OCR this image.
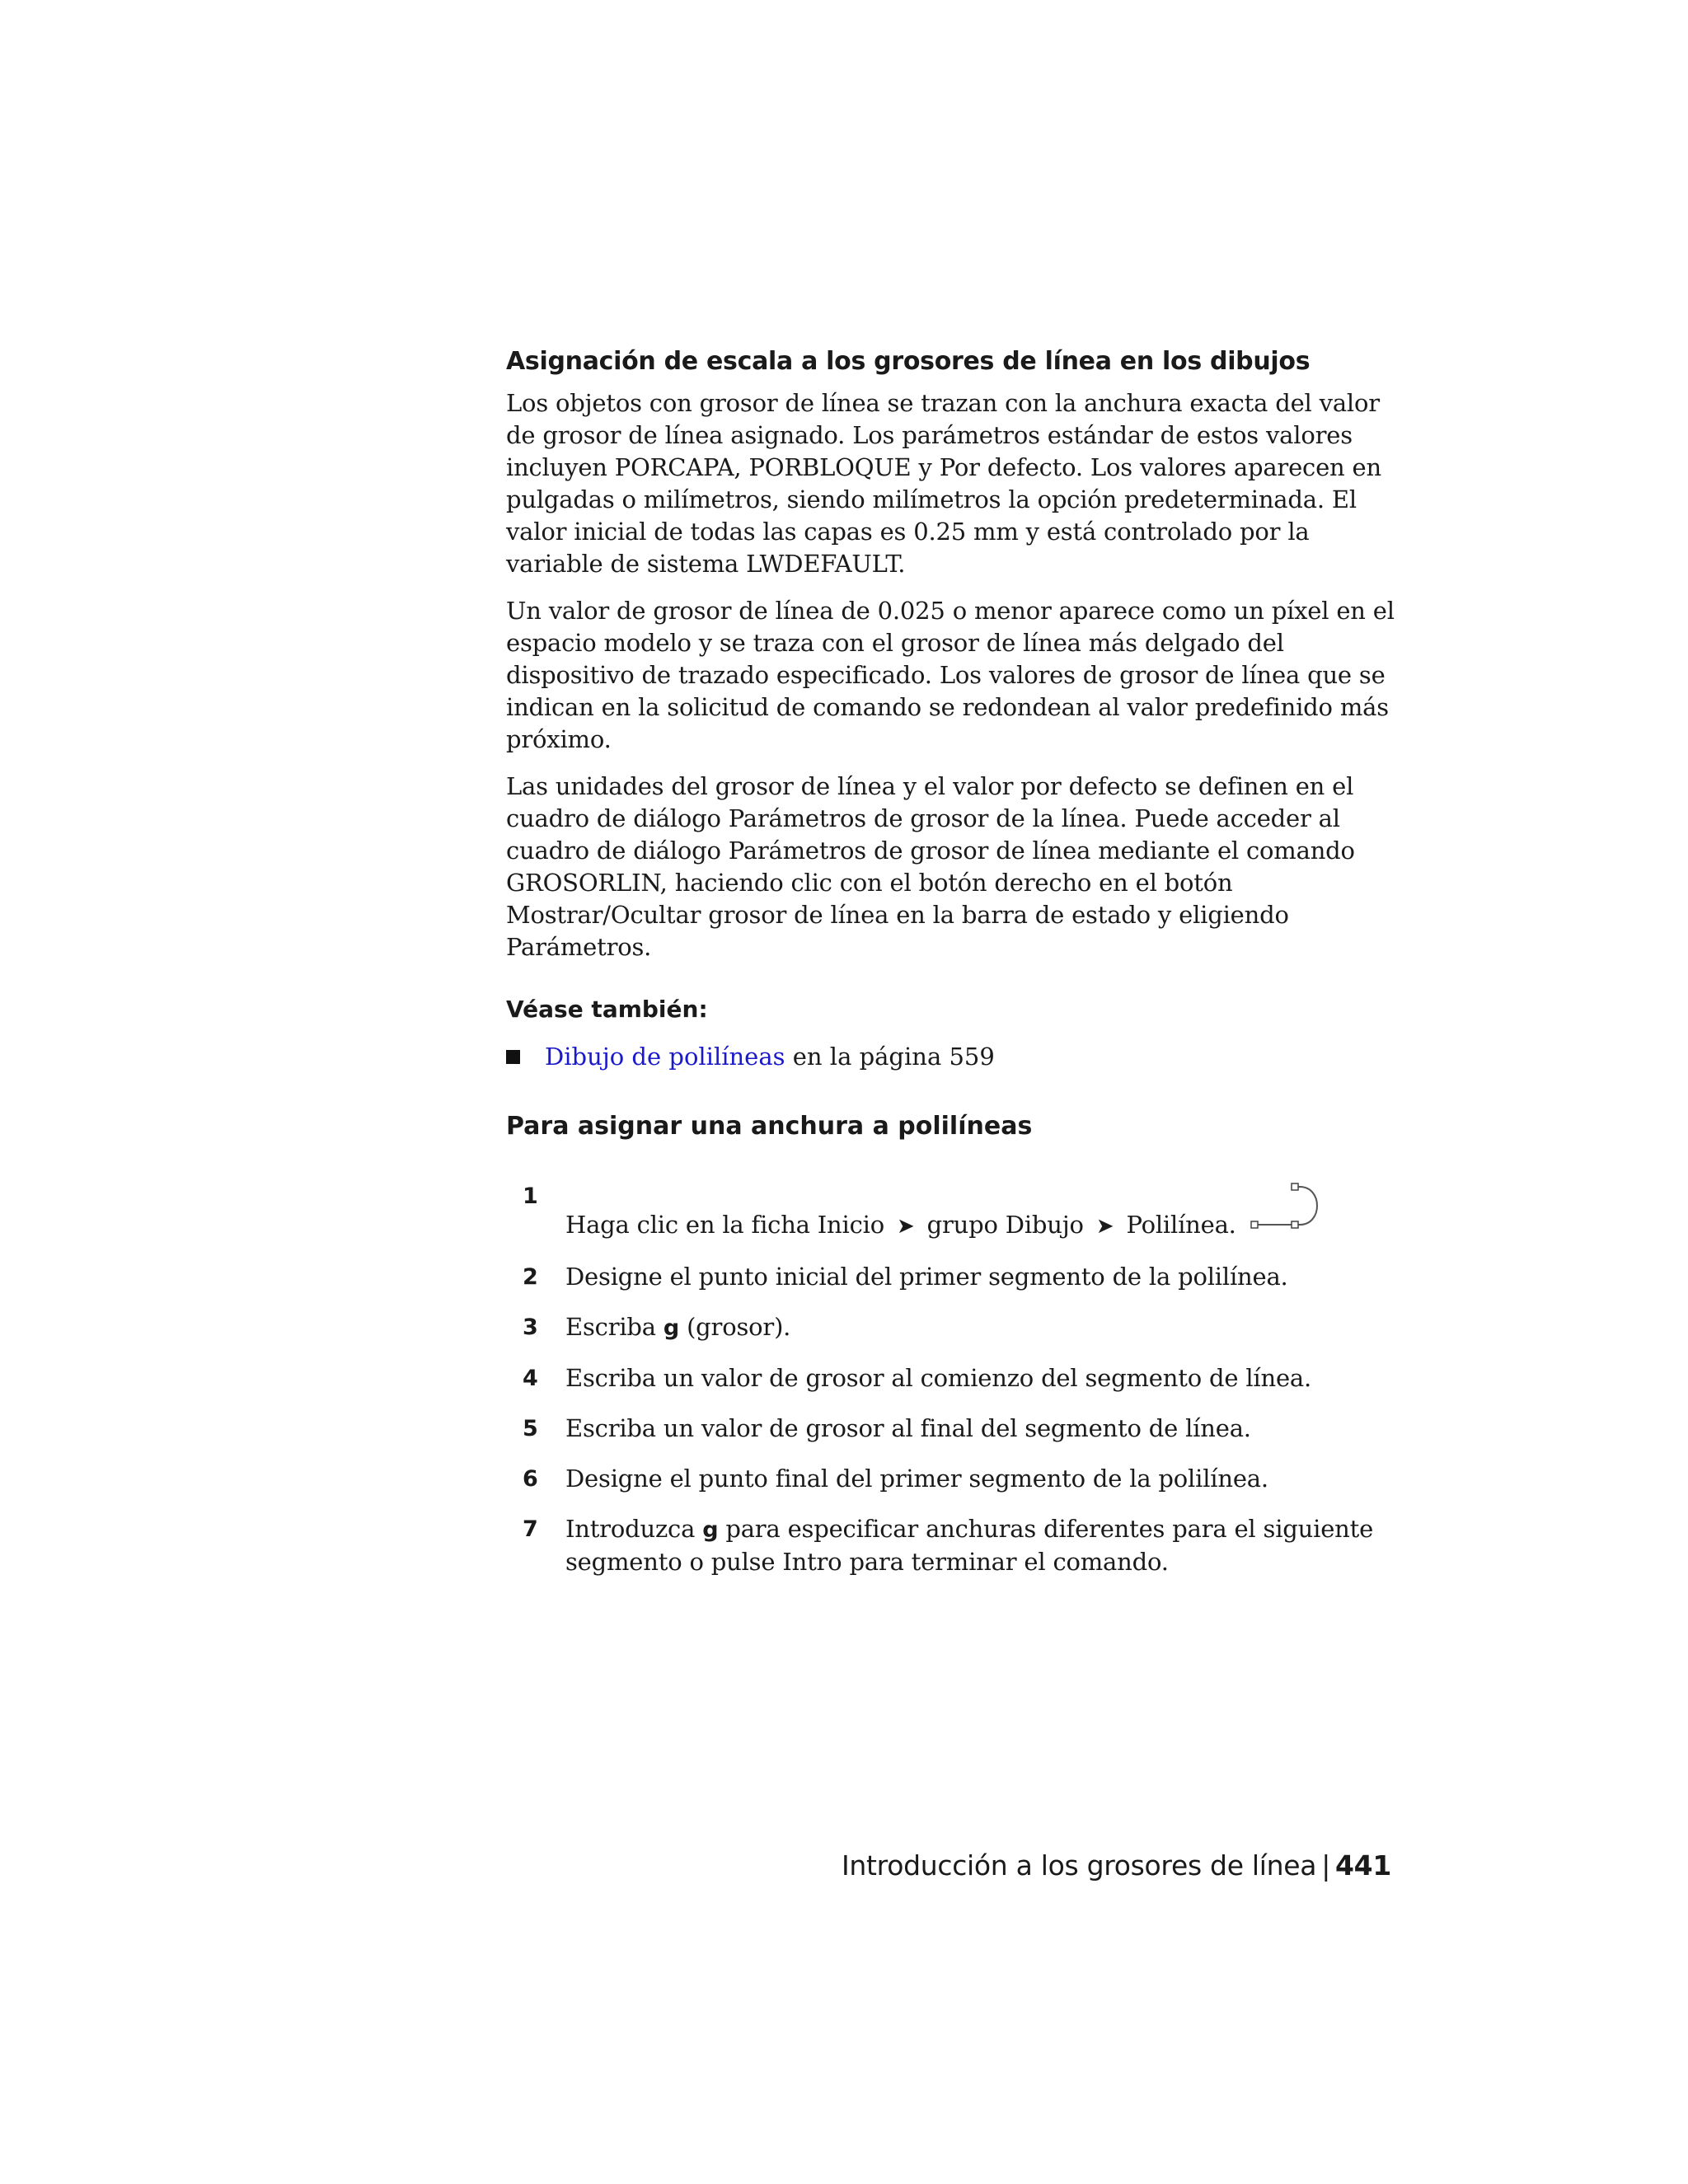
Asignación de escala a los grosores de línea en los dibujos

Los objetos con grosor de línea se trazan con la anchura exacta del valor de grosor de línea asignado. Los parámetros estándar de estos valores incluyen PORCAPA, PORBLOQUE y Por defecto. Los valores aparecen en pulgadas o milímetros, siendo milímetros la opción predeterminada. El valor inicial de todas las capas es 0.25 mm y está controlado por la variable de sistema LWDEFAULT.

Un valor de grosor de línea de 0.025 o menor aparece como un píxel en el espacio modelo y se traza con el grosor de línea más delgado del dispositivo de trazado especificado. Los valores de grosor de línea que se indican en la solicitud de comando se redondean al valor predefinido más próximo.

Las unidades del grosor de línea y el valor por defecto se definen en el cuadro de diálogo Parámetros de grosor de la línea. Puede acceder al cuadro de diálogo Parámetros de grosor de línea mediante el comando GROSORLIN, haciendo clic con el botón derecho en el botón Mostrar/Ocultar grosor de línea en la barra de estado y eligiendo Parámetros.

Véase también:
Dibujo de polilíneas en la página 559
Para asignar una anchura a polilíneas
1
Haga clic en la ficha Inicio ➤ grupo Dibujo ➤ Polilínea.
2	Designe el punto inicial del primer segmento de la polilínea.
3	Escriba g (grosor).
4	Escriba un valor de grosor al comienzo del segmento de línea.
5	Escriba un valor de grosor al final del segmento de línea.
6	Designe el punto final del primer segmento de la polilínea.
7	Introduzca g para especificar anchuras diferentes para el siguiente segmento o pulse Intro para terminar el comando.
Introducción a los grosores de línea | 441
